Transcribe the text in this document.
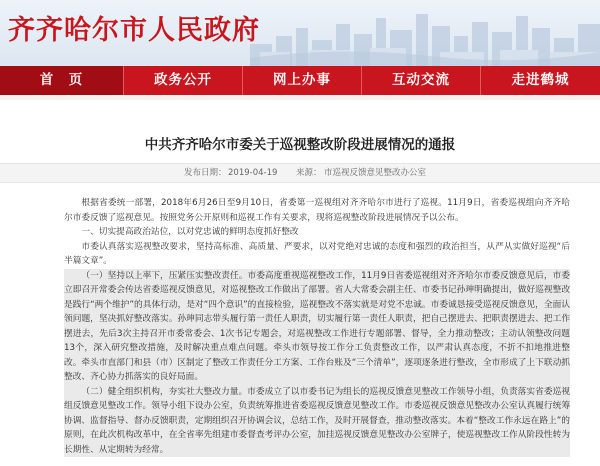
齐齐哈尔市人民政府
首　页	政务公开	网上办事	互动交流	走进鹤城
中共齐齐哈尔市委关于巡视整改阶段进展情况的通报
发布日期： 2019-04-19 来源： 市巡视反馈意见整改办公室

根据省委统一部署，2018年6月26日至9月10日，省委第一巡视组对齐齐哈尔市进行了巡视。11月9日，省委巡视组向齐齐哈尔市委反馈了巡视意见。按照党务公开原则和巡视工作有关要求，现将巡视整改阶段进展情况予以公布。

一、切实提高政治站位，以对党忠诚的鲜明态度抓好整改

市委认真落实巡视整改要求，坚持高标准、高质量、严要求，以对党绝对忠诚的态度和强烈的政治担当，从严从实做好巡视“后半篇文章”。

（一）坚持以上率下，压紧压实整改责任。市委高度重视巡视整改工作，11月9日省委巡视组对齐齐哈尔市委反馈意见后，市委立即召开常委会传达省委巡视反馈意见，对巡视整改工作做出了部署。省人大常委会副主任、市委书记孙珅明确提出，做好巡视整改是践行“两个维护”的具体行动，是对“四个意识”的直接检验，巡视整改不落实就是对党不忠诚。市委诚恳接受巡视反馈意见，全面认领问题，坚决抓好整改落实。孙珅同志带头履行第一责任人职责，切实履行第一责任人职责，把自己摆进去、把职责摆进去、把工作摆进去，先后3次主持召开市委常委会、1次书记专题会，对巡视整改工作进行专题部署、督导，全力推动整改；主动认领整改问题13个，深入研究整改措施，及时解决重点难点问题。牵头市领导按工作分工负责整改工作，以严肃认真态度，不折不扣地推进整改。牵头市直部门和县（市）区制定了整改工作责任分工方案、工作台账及“三个清单”，逐项逐条进行整改，全市形成了上下联动抓整改、齐心协力抓落实的良好局面。

（二）健全组织机构，夯实社大整改力量。市委成立了以市委书记为组长的巡视反馈意见整改工作领导小组，负责落实省委巡视组反馈意见整改工作。领导小组下设办公室，负责统筹推进省委巡视反馈意见整改工作。市委巡视反馈意见整改办公室认真履行统筹协调、监督指导、督办反馈职责，定期组织召开协调会议，总结工作，及时开展督查，推动整改落实。本着“整改工作永远在路上”的原则，在此次机构改革中，在全省率先组建市委督查考评办公室，加挂巡视反馈意见整改办公室牌子，使巡视整改工作从阶段性转为长期性、从定期转为经常。
